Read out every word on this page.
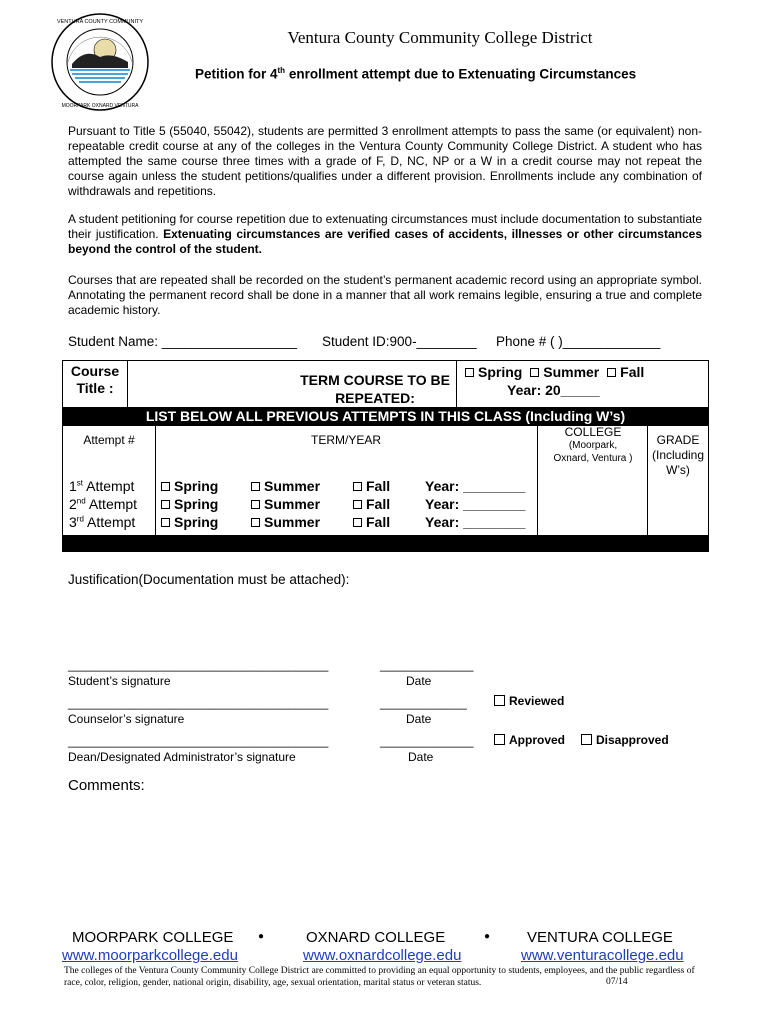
VENTURA COUNTY COMMUNITY
MOORPARK OXNARD VENTURA
Ventura County Community College District
Petition for 4th enrollment attempt due to Extenuating Circumstances
Pursuant to Title 5 (55040, 55042), students are permitted 3 enrollment attempts to pass the same (or equivalent) non-repeatable credit course at any of the colleges in the Ventura County Community College District. A student who has attempted the same course three times with a grade of F, D, NC, NP or a W in a credit course may not repeat the course again unless the student petitions/qualifies under a different provision. Enrollments include any combination of withdrawals and repetitions.
A student petitioning for course repetition due to extenuating circumstances must include documentation to substantiate their justification. Extenuating circumstances are verified cases of accidents, illnesses or other circumstances beyond the control of the student.
Courses that are repeated shall be recorded on the student’s permanent academic record using an appropriate symbol. Annotating the permanent record shall be done in a manner that all work remains legible, ensuring a true and complete academic history.
Student Name: __________________ Student ID:900-________ Phone # ( )_____________
Course Title :	TERM COURSE TO BE REPEATED:
Spring Summer Fall
Year: 20_____
LIST BELOW ALL PREVIOUS ATTEMPTS IN THIS CLASS (Including W’s)
Attempt #	TERM/YEAR
COLLEGE
(Moorpark, Oxnard, Ventura )
GRADE (Including W’s)
1st Attempt	Spring	Summer	Fall Year: ________
2nd Attempt	Spring	Summer	Fall Year: ________
3rd Attempt	Spring	Summer	Fall Year: ________
Justification(Documentation must be attached):
_______________________________________
Student’s signature
______________
Date
_______________________________________
Counselor’s signature
_____________
Date
_______________________________________
Dean/Designated Administrator’s signature
______________
Date
Reviewed
Approved	Disapproved
Comments:
MOORPARK COLLEGE ●	OXNARD COLLEGE	● VENTURA COLLEGE
www.moorparkcollege.edu	www.oxnardcollege.edu	www.venturacollege.edu
The colleges of the Ventura County Community College District are committed to providing an equal opportunity to students, employees, and the public regardless of race, color, religion, gender, national origin, disability, age, sexual orientation, marital status or veteran status.	07/14
